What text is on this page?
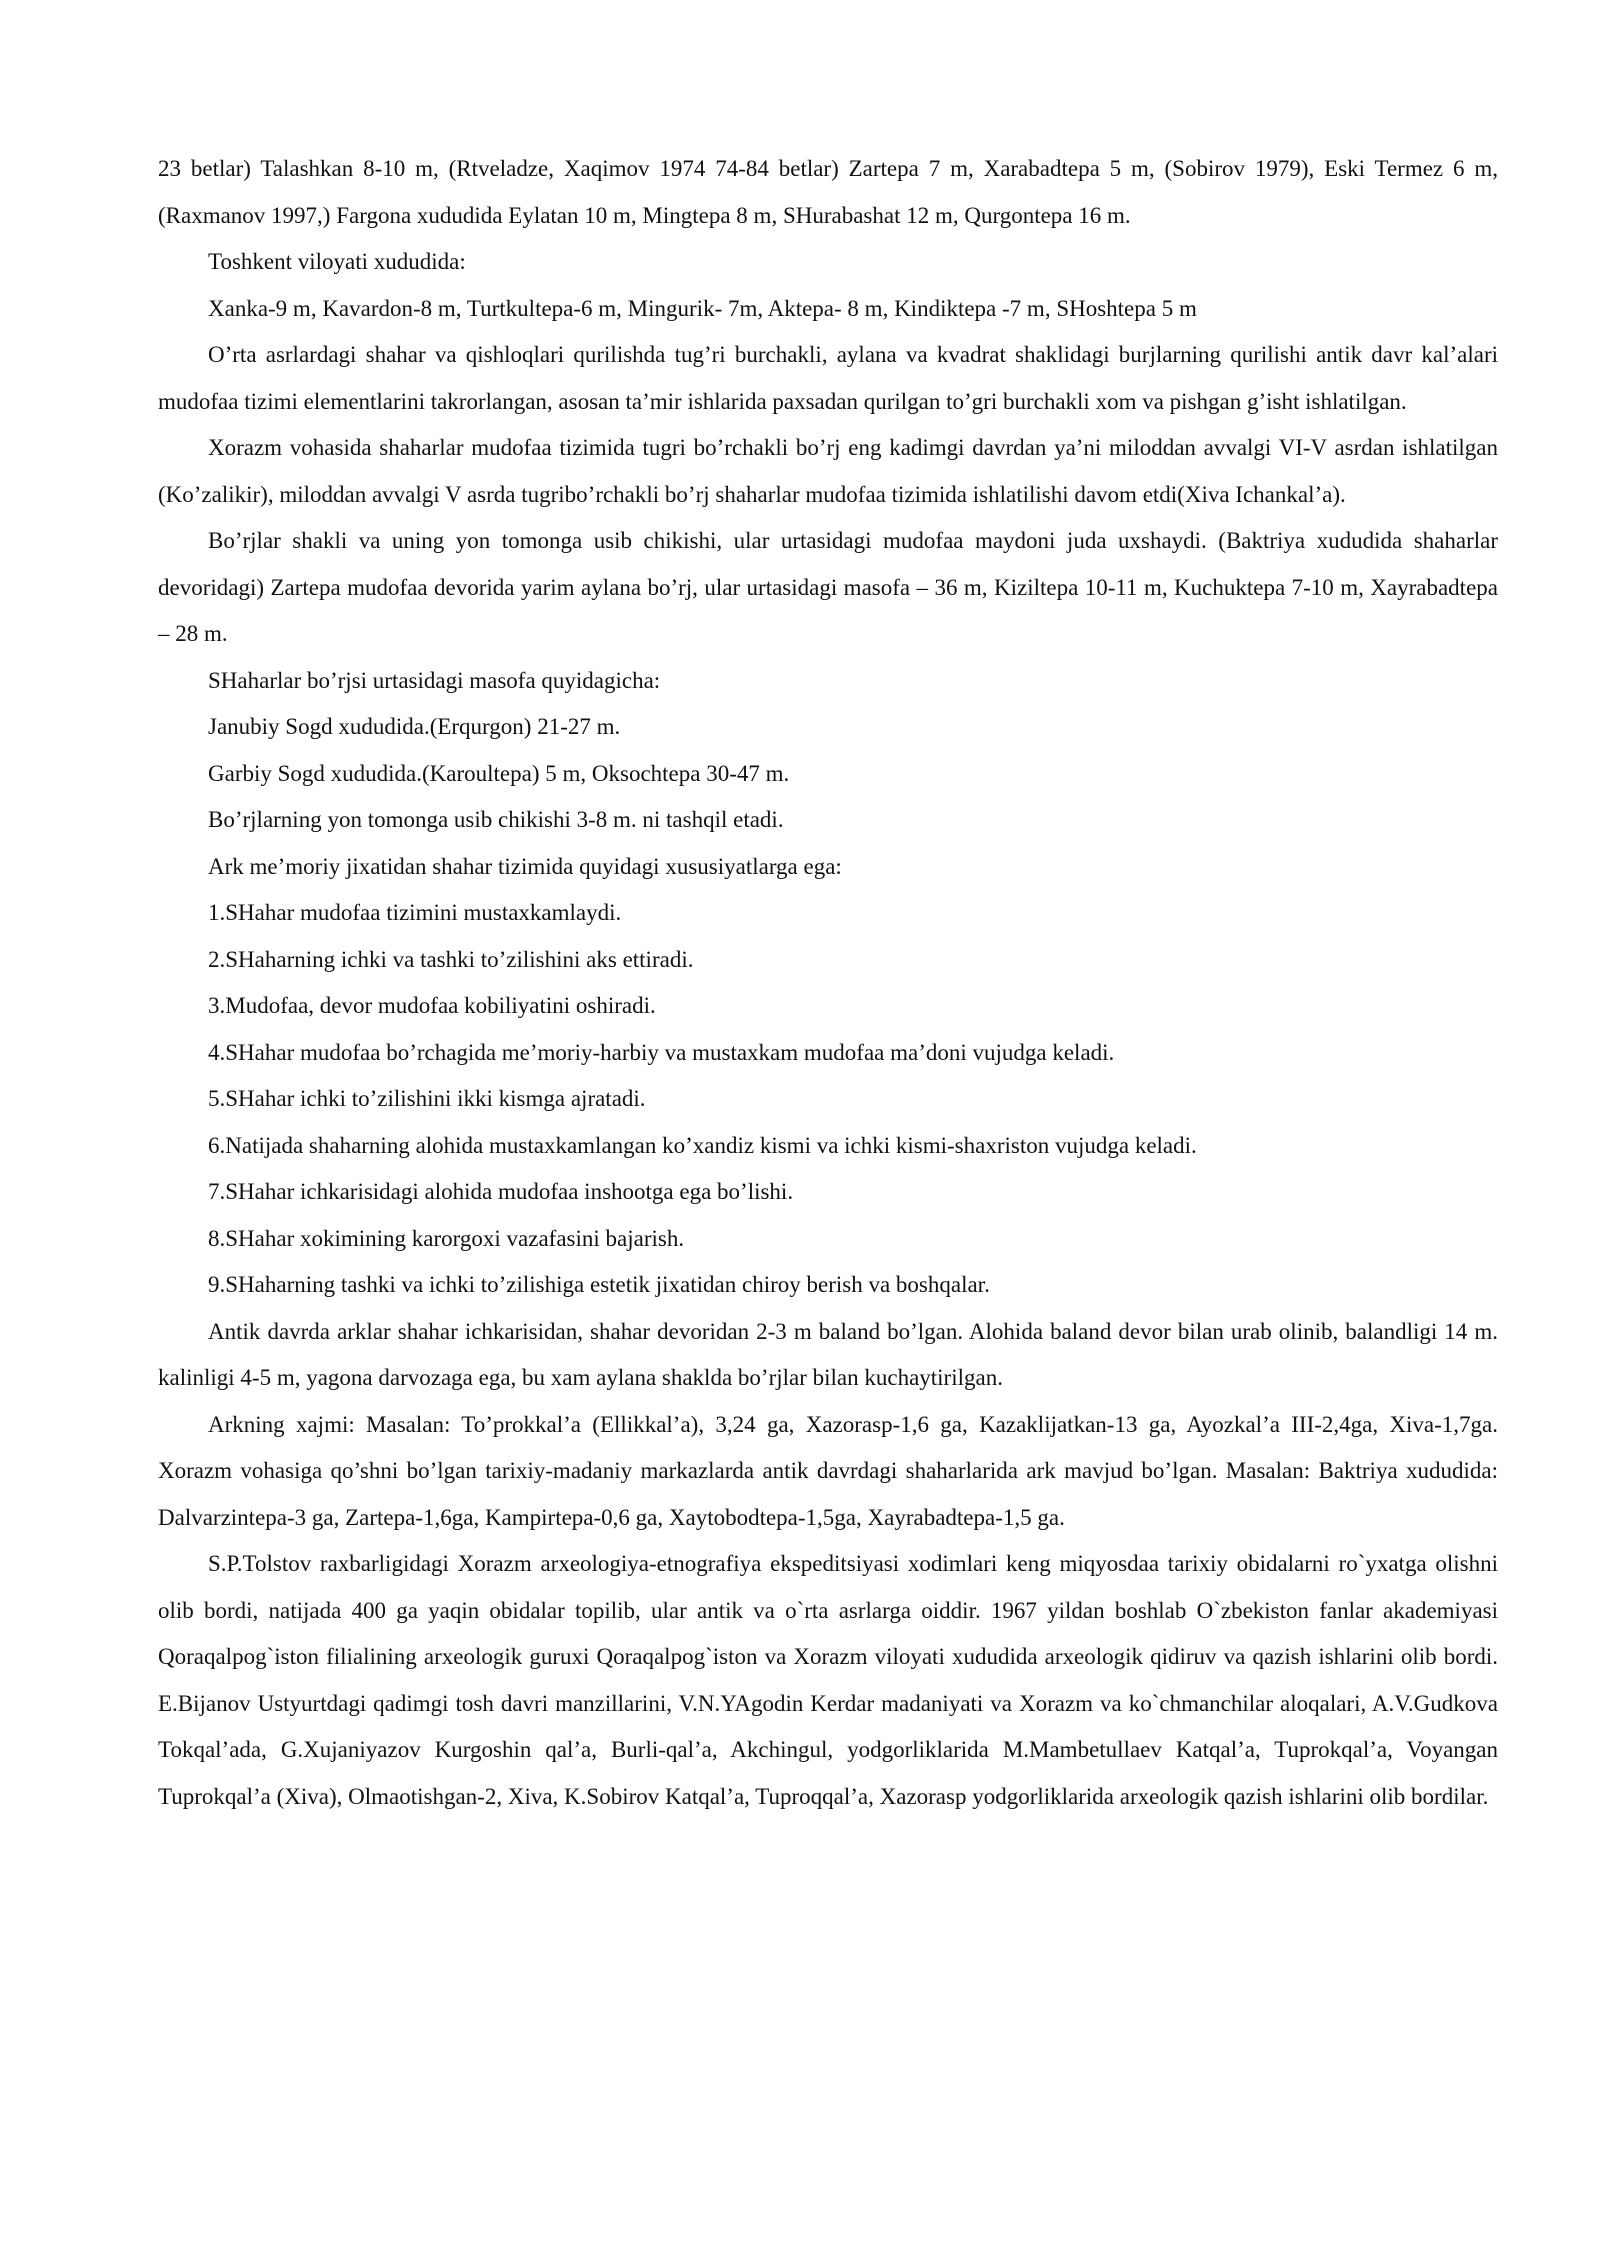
23 betlar) Talashkan 8-10 m, (Rtveladze, Xaqimov 1974 74-84 betlar) Zartepa 7 m, Xarabadtepa 5 m, (Sobirov 1979), Eski Termez 6 m, (Raxmanov 1997,) Fargona xududida Eylatan 10 m, Mingtepa 8 m, SHurabashat 12 m, Qurgontepa 16 m.

Toshkent viloyati xududida:

Xanka-9 m, Kavardon-8 m, Turtkultepa-6 m, Mingurik- 7m, Aktepa- 8 m, Kindiktepa -7 m, SHoshtepa 5 m

O’rta asrlardagi shahar va qishloqlari qurilishda tug’ri burchakli, aylana va kvadrat shaklidagi burjlarning qurilishi antik davr kal’alari mudofaa tizimi elementlarini takrorlangan, asosan ta’mir ishlarida paxsadan qurilgan to’gri burchakli xom va pishgan g’isht ishlatilgan.

Xorazm vohasida shaharlar mudofaa tizimida tugri bo’rchakli bo’rj eng kadimgi davrdan ya’ni miloddan avvalgi VI-V asrdan ishlatilgan (Ko’zalikir), miloddan avvalgi V asrda tugribo’rchakli bo’rj shaharlar mudofaa tizimida ishlatilishi davom etdi(Xiva Ichankal’a).

Bo’rjlar shakli va uning yon tomonga usib chikishi, ular urtasidagi mudofaa maydoni juda uxshaydi. (Baktriya xududida shaharlar devoridagi) Zartepa mudofaa devorida yarim aylana bo’rj, ular urtasidagi masofa – 36 m, Kiziltepa 10-11 m, Kuchuktepa 7-10 m, Xayrabadtepa – 28 m.

SHaharlar bo’rjsi urtasidagi masofa quyidagicha:

Janubiy Sogd xududida.(Erqurgon) 21-27 m.

Garbiy Sogd xududida.(Karoultepa) 5 m, Oksochtepa 30-47 m.

Bo’rjlarning yon tomonga usib chikishi 3-8 m. ni tashqil etadi.

Ark me’moriy jixatidan shahar tizimida quyidagi xususiyatlarga ega:

1.SHahar mudofaa tizimini mustaxkamlaydi.

2.SHaharning ichki va tashki to’zilishini aks ettiradi.

3.Mudofaa, devor mudofaa kobiliyatini oshiradi.

4.SHahar mudofaa bo’rchagida me’moriy-harbiy va mustaxkam mudofaa ma’doni vujudga keladi.

5.SHahar ichki to’zilishini ikki kismga ajratadi.

6.Natijada shaharning alohida mustaxkamlangan ko’xandiz kismi va ichki kismi-shaxriston vujudga keladi.

7.SHahar ichkarisidagi alohida mudofaa inshootga ega bo’lishi.

8.SHahar xokimining karorgoxi vazafasini bajarish.

9.SHaharning tashki va ichki to’zilishiga estetik jixatidan chiroy berish va boshqalar.

Antik davrda arklar shahar ichkarisidan, shahar devoridan 2-3 m baland bo’lgan. Alohida baland devor bilan urab olinib, balandligi 14 m. kalinligi 4-5 m, yagona darvozaga ega, bu xam aylana shakldа bo’rjlar bilan kuchaytirilgan.

Arkning xajmi: Masalan: To’prokkal’a (Ellikkal’a), 3,24 ga, Xazorasp-1,6 ga, Kazaklijatkan-13 ga, Ayozkal’a III-2,4ga, Xiva-1,7ga. Xorazm vohasiga qo’shni bo’lgan tarixiy-madaniy markazlarda antik davrdagi shaharlarida ark mavjud bo’lgan. Masalan: Baktriya xududida: Dalvarzintepa-3 ga, Zartepa-1,6ga, Kampirtepa-0,6 ga, Xaytobodtepa-1,5ga, Xayrabadtepa-1,5 ga.

S.P.Tolstov raxbarligidagi Xorazm arxeologiya-etnografiya ekspeditsiyasi xodimlari keng miqyosdaa tarixiy obidalarni ro`yxatga olishni olib bordi, natijada 400 ga yaqin obidalar topilib, ular antik va o`rta asrlarga oiddir. 1967 yildan boshlab O`zbekiston fanlar akademiyasi Qoraqalpog`iston filialining arxeologik guruxi Qoraqalpog`iston va Xorazm viloyati xududida arxeologik qidiruv va qazish ishlarini olib bordi. E.Bijanov Ustyurtdagi qadimgi tosh davri manzillarini, V.N.YAgodin Kerdar madaniyati va Xorazm va ko`chmanchilar aloqalari, A.V.Gudkova Tokqal’ada, G.Xujaniyazov Kurgoshin qal’a, Burli-qal’a, Akchingul, yodgorliklarida M.Mambetullaev Katqal’a, Tuprokqal’a, Voyangan Tuprokqal’a (Xiva), Olmaotishgan-2, Xiva, K.Sobirov Katqal’a, Tuproqqal’a, Xazorasp yodgorliklarida arxeologik qazish ishlarini olib bordilar.
